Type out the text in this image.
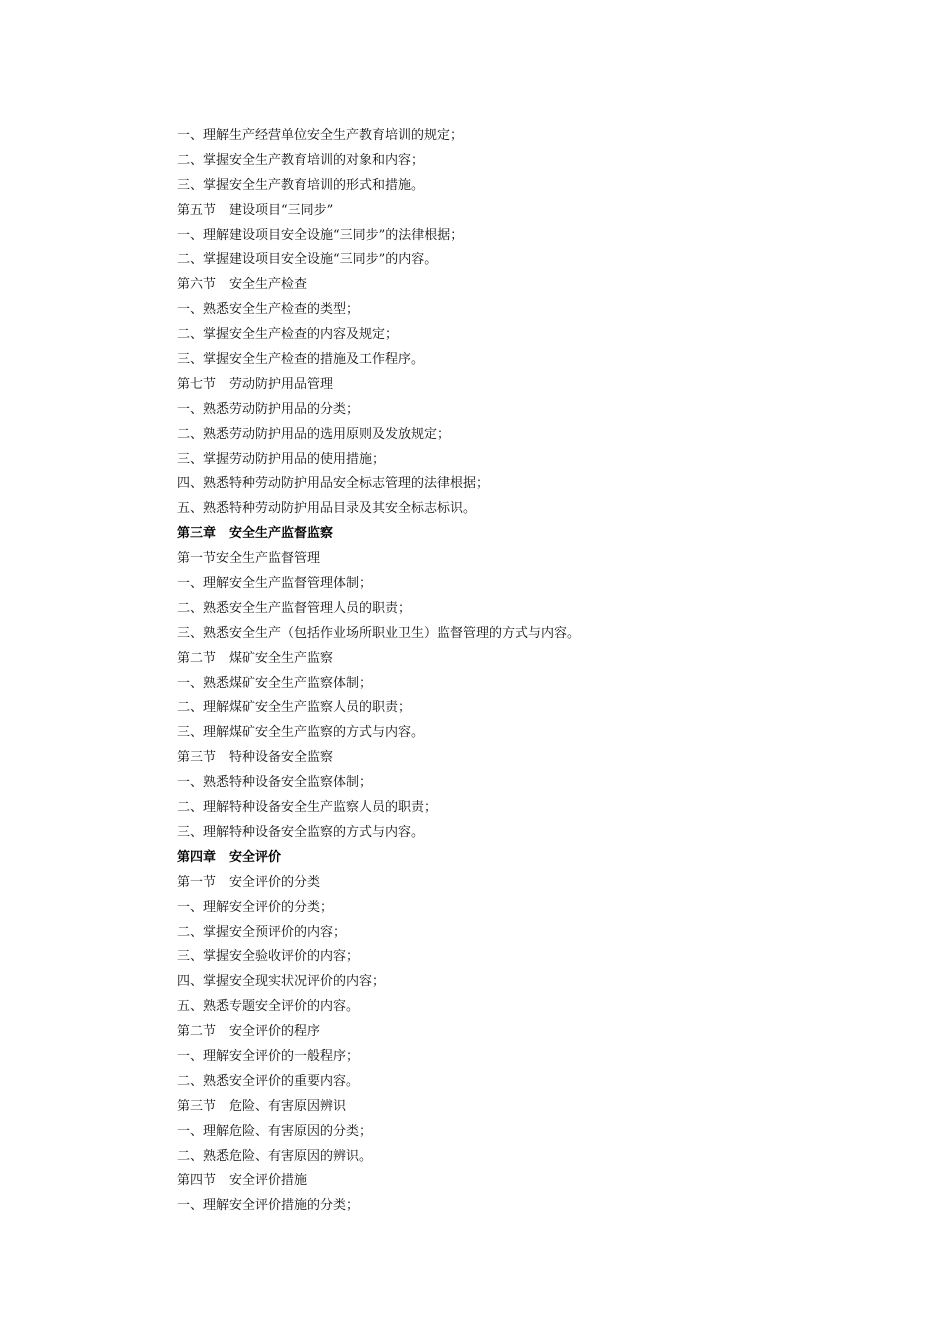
一、理解生产经营单位安全生产教育培训的规定；
二、掌握安全生产教育培训的对象和内容；
三、掌握安全生产教育培训的形式和措施。
第五节　建设项目“三同步”
一、理解建设项目安全设施“三同步”的法律根据；
二、掌握建设项目安全设施“三同步”的内容。
第六节　安全生产检查
一、熟悉安全生产检查的类型；
二、掌握安全生产检查的内容及规定；
三、掌握安全生产检查的措施及工作程序。
第七节　劳动防护用品管理
一、熟悉劳动防护用品的分类；
二、熟悉劳动防护用品的选用原则及发放规定；
三、掌握劳动防护用品的使用措施；
四、熟悉特种劳动防护用品安全标志管理的法律根据；
五、熟悉特种劳动防护用品目录及其安全标志标识。
第三章　安全生产监督监察
第一节安全生产监督管理
一、理解安全生产监督管理体制；
二、熟悉安全生产监督管理人员的职责；
三、熟悉安全生产（包括作业场所职业卫生）监督管理的方式与内容。
第二节　煤矿安全生产监察
一、熟悉煤矿安全生产监察体制；
二、理解煤矿安全生产监察人员的职责；
三、理解煤矿安全生产监察的方式与内容。
第三节　特种设备安全监察
一、熟悉特种设备安全监察体制；
二、理解特种设备安全生产监察人员的职责；
三、理解特种设备安全监察的方式与内容。
第四章　安全评价
第一节　安全评价的分类
一、理解安全评价的分类；
二、掌握安全预评价的内容；
三、掌握安全验收评价的内容；
四、掌握安全现实状况评价的内容；
五、熟悉专题安全评价的内容。
第二节　安全评价的程序
一、理解安全评价的一般程序；
二、熟悉安全评价的重要内容。
第三节　危险、有害原因辨识
一、理解危险、有害原因的分类；
二、熟悉危险、有害原因的辨识。
第四节　安全评价措施
一、理解安全评价措施的分类；
